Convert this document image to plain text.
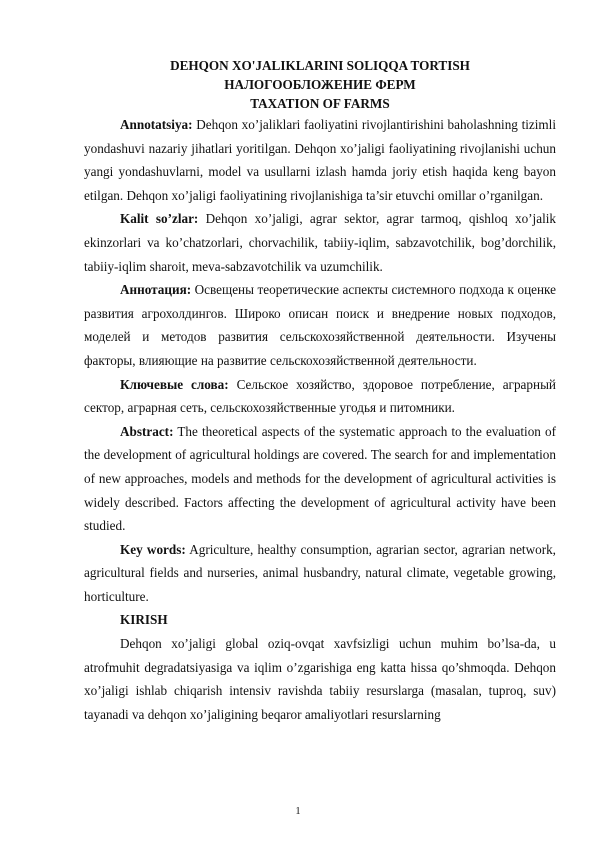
DEHQON XO'JALIKLARINI SOLIQQA TORTISH

НАЛОГООБЛОЖЕНИЕ ФЕРМ

TAXATION OF FARMS

Annotatsiya: Dehqon xo’jaliklari faoliyatini rivojlantirishini baholashning tizimli yondashuvi nazariy jihatlari yoritilgan. Dehqon xo’jaligi faoliyatining rivojlanishi uchun yangi yondashuvlarni, model va usullarni izlash hamda joriy etish haqida keng bayon etilgan. Dehqon xo’jaligi faoliyatining rivojlanishiga ta’sir etuvchi omillar o’rganilgan.

Kalit so’zlar: Dehqon xo’jaligi, agrar sektor, agrar tarmoq, qishloq xo’jalik ekinzorlari va ko’chatzorlari, chorvachilik, tabiiy-iqlim, sabzavotchilik, bog’dorchilik, tabiiy-iqlim sharoit, meva-sabzavotchilik va uzumchilik.

Аннотация: Освещены теоретические аспекты системного подхода к оценке развития агрохолдингов. Широко описан поиск и внедрение новых подходов, моделей и методов развития сельскохозяйственной деятельности. Изучены факторы, влияющие на развитие сельскохозяйственной деятельности.

Ключевые слова: Сельское хозяйство, здоровое потребление, аграрный сектор, аграрная сеть, сельскохозяйственные угодья и питомники.

Abstract: The theoretical aspects of the systematic approach to the evaluation of the development of agricultural holdings are covered. The search for and implementation of new approaches, models and methods for the development of agricultural activities is widely described. Factors affecting the development of agricultural activity have been studied.

Key words: Agriculture, healthy consumption, agrarian sector, agrarian network, agricultural fields and nurseries, animal husbandry, natural climate, vegetable growing, horticulture.

KIRISH

Dehqon xo’jaligi global oziq-ovqat xavfsizligi uchun muhim bo’lsa-da, u atrofmuhit degradatsiyasiga va iqlim o’zgarishiga eng katta hissa qo’shmoqda. Dehqon xo’jaligi ishlab chiqarish intensiv ravishda tabiiy resurslarga (masalan, tuproq, suv) tayanadi va dehqon xo’jaligining beqaror amaliyotlari resurslarning

1
